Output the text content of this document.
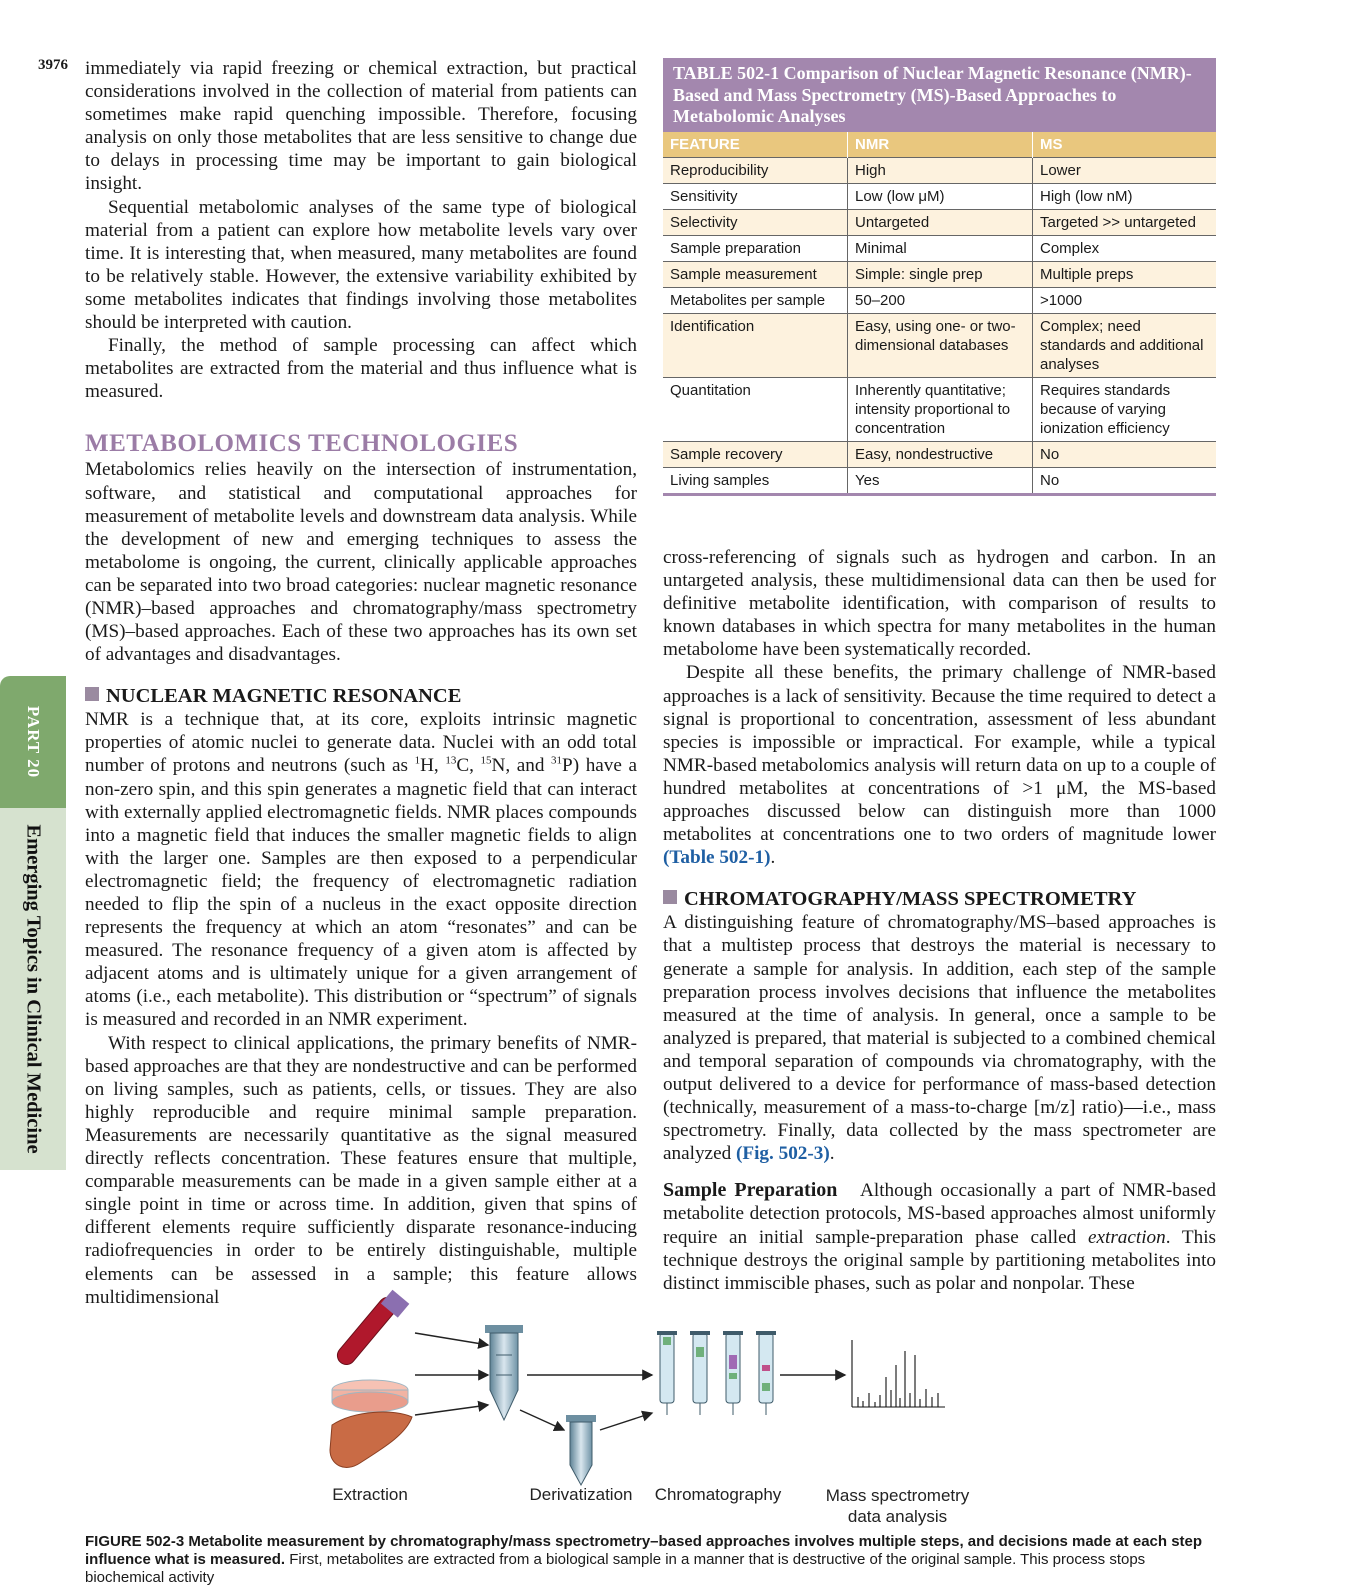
3976
PART 20
Emerging Topics in Clinical Medicine

immediately via rapid freezing or chemical extraction, but practical considerations involved in the collection of material from patients can sometimes make rapid quenching impossible. Therefore, focusing analysis on only those metabolites that are less sensitive to change due to delays in processing time may be important to gain biological insight.

Sequential metabolomic analyses of the same type of biological material from a patient can explore how metabolite levels vary over time. It is interesting that, when measured, many metabolites are found to be relatively stable. However, the extensive variability exhibited by some metabolites indicates that findings involving those metabolites should be interpreted with caution.

Finally, the method of sample processing can affect which metabolites are extracted from the material and thus influence what is measured.

METABOLOMICS TECHNOLOGIES

Metabolomics relies heavily on the intersection of instrumentation, software, and statistical and computational approaches for measurement of metabolite levels and downstream data analysis. While the development of new and emerging techniques to assess the metabolome is ongoing, the current, clinically applicable approaches can be separated into two broad categories: nuclear magnetic resonance (NMR)–based approaches and chromatography/mass spectrometry (MS)–based approaches. Each of these two approaches has its own set of advantages and disadvantages.

NUCLEAR MAGNETIC RESONANCE

NMR is a technique that, at its core, exploits intrinsic magnetic properties of atomic nuclei to generate data. Nuclei with an odd total number of protons and neutrons (such as $^1$H, $^{13}$C, $^{15}$N, and $^{31}$P) have a non-zero spin, and this spin generates a magnetic field that can interact with externally applied electromagnetic fields. NMR places compounds into a magnetic field that induces the smaller magnetic fields to align with the larger one. Samples are then exposed to a perpendicular electromagnetic field; the frequency of electromagnetic radiation needed to flip the spin of a nucleus in the exact opposite direction represents the frequency at which an atom “resonates” and can be measured. The resonance frequency of a given atom is affected by adjacent atoms and is ultimately unique for a given arrangement of atoms (i.e., each metabolite). This distribution or “spectrum” of signals is measured and recorded in an NMR experiment.

With respect to clinical applications, the primary benefits of NMR-based approaches are that they are nondestructive and can be performed on living samples, such as patients, cells, or tissues. They are also highly reproducible and require minimal sample preparation. Measurements are necessarily quantitative as the signal measured directly reflects concentration. These features ensure that multiple, comparable measurements can be made in a given sample either at a single point in time or across time. In addition, given that spins of different elements require sufficiently disparate resonance-inducing radiofrequencies in order to be entirely distinguishable, multiple elements can be assessed in a sample; this feature allows multidimensional

TABLE 502-1 Comparison of Nuclear Magnetic Resonance (NMR)-Based and Mass Spectrometry (MS)-Based Approaches to Metabolomic Analyses
FEATURE	NMR	MS
Reproducibility	High	Lower
Sensitivity	Low (low μM)	High (low nM)
Selectivity	Untargeted	Targeted >> untargeted
Sample preparation	Minimal	Complex
Sample measurement	Simple: single prep	Multiple preps
Metabolites per sample	50–200	>1000
Identification	Easy, using one- or two-dimensional databases	Complex; need standards and additional analyses
Quantitation	Inherently quantitative; intensity proportional to concentration	Requires standards because of varying ionization efficiency
Sample recovery	Easy, nondestructive	No
Living samples	Yes	No

cross-referencing of signals such as hydrogen and carbon. In an untargeted analysis, these multidimensional data can then be used for definitive metabolite identification, with comparison of results to known databases in which spectra for many metabolites in the human metabolome have been systematically recorded.

Despite all these benefits, the primary challenge of NMR-based approaches is a lack of sensitivity. Because the time required to detect a signal is proportional to concentration, assessment of less abundant species is impossible or impractical. For example, while a typical NMR-based metabolomics analysis will return data on up to a couple of hundred metabolites at concentrations of >1 μM, the MS-based approaches discussed below can distinguish more than 1000 metabolites at concentrations one to two orders of magnitude lower (Table 502-1).

CHROMATOGRAPHY/MASS SPECTROMETRY

A distinguishing feature of chromatography/MS–based approaches is that a multistep process that destroys the material is necessary to generate a sample for analysis. In addition, each step of the sample preparation process involves decisions that influence the metabolites measured at the time of analysis. In general, once a sample to be analyzed is prepared, that material is subjected to a combined chemical and temporal separation of compounds via chromatography, with the output delivered to a device for performance of mass-based detection (technically, measurement of a mass-to-charge [m/z] ratio)—i.e., mass spectrometry. Finally, data collected by the mass spectrometer are analyzed (Fig. 502-3).

Sample Preparation   Although occasionally a part of NMR-based metabolite detection protocols, MS-based approaches almost uniformly require an initial sample-preparation phase called extraction. This technique destroys the original sample by partitioning metabolites into distinct immiscible phases, such as polar and nonpolar. These

Extraction	Derivatization	Chromatography	Mass spectrometry
data analysis
FIGURE 502-3 Metabolite measurement by chromatography/mass spectrometry–based approaches involves multiple steps, and decisions made at each step influence what is measured. First, metabolites are extracted from a biological sample in a manner that is destructive of the original sample. This process stops biochemical activity
